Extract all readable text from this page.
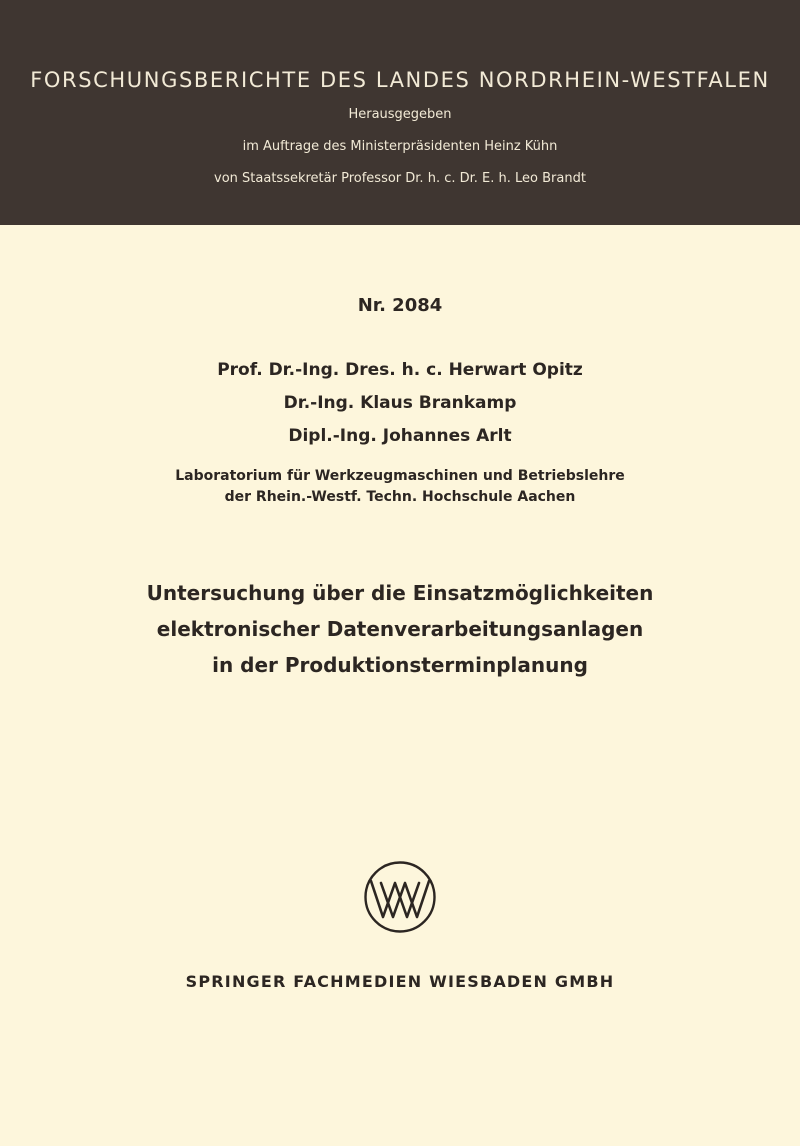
FORSCHUNGSBERICHTE DES LANDES NORDRHEIN-WESTFALEN
Herausgegeben
im Auftrage des Ministerpräsidenten Heinz Kühn
von Staatssekretär Professor Dr. h. c. Dr. E. h. Leo Brandt
Nr. 2084
Prof. Dr.-Ing. Dres. h. c. Herwart Opitz
Dr.-Ing. Klaus Brankamp
Dipl.-Ing. Johannes Arlt
Laboratorium für Werkzeugmaschinen und Betriebslehre
der Rhein.-Westf. Techn. Hochschule Aachen
Untersuchung über die Einsatzmöglichkeiten
elektronischer Datenverarbeitungsanlagen
in der Produktionsterminplanung
SPRINGER FACHMEDIEN WIESBADEN GMBH
